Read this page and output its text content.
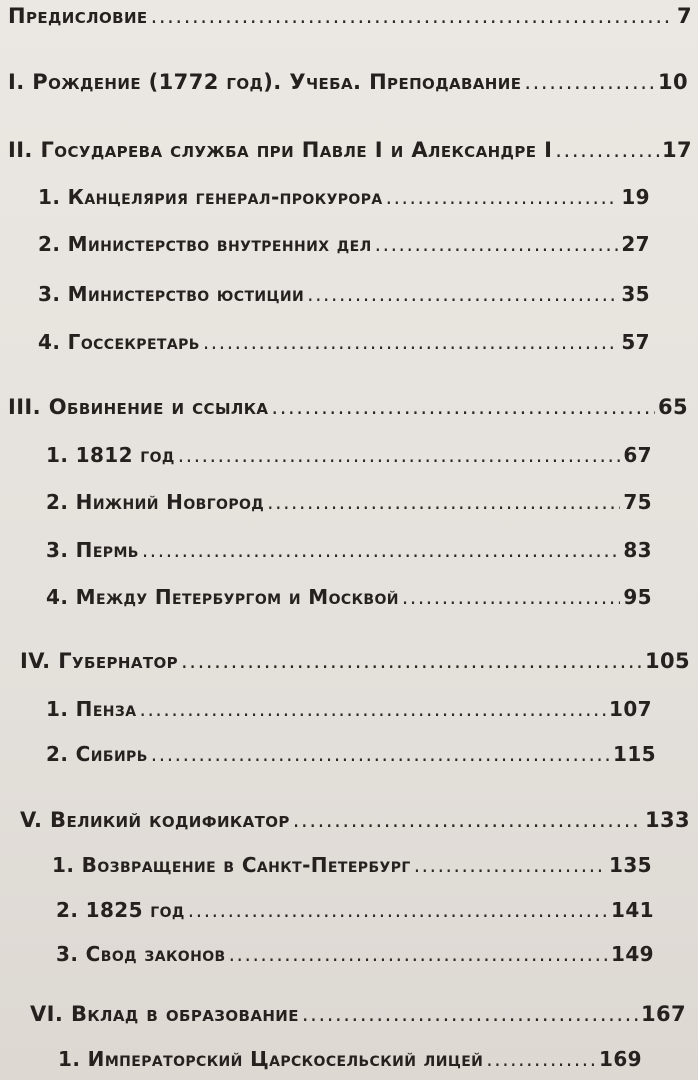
Предисловие .....	7
I. Рождение (1772 год). Учеба. Преподавание .....	10
II. Государева служба при Павле I и Александре I .....	17
1. Канцелярия генерал-прокурора .....	19
2. Министерство внутренних дел .....	27
3. Министерство юстиции .....	35
4. Госсекретарь .....	57
III. Обвинение и ссылка .....	65
1. 1812 год .....	67
2. Нижний Новгород .....	75
3. Пермь .....	83
4. Между Петербургом и Москвой .....	95
IV. Губернатор .....	105
1. Пенза .....	107
2. Сибирь .....	115
V. Великий кодификатор .....	133
1. Возвращение в Санкт-Петербург .....	135
2. 1825 год .....	141
3. Свод законов .....	149
VI. Вклад в образование .....	167
1. Императорский Царскосельский лицей .....	169
